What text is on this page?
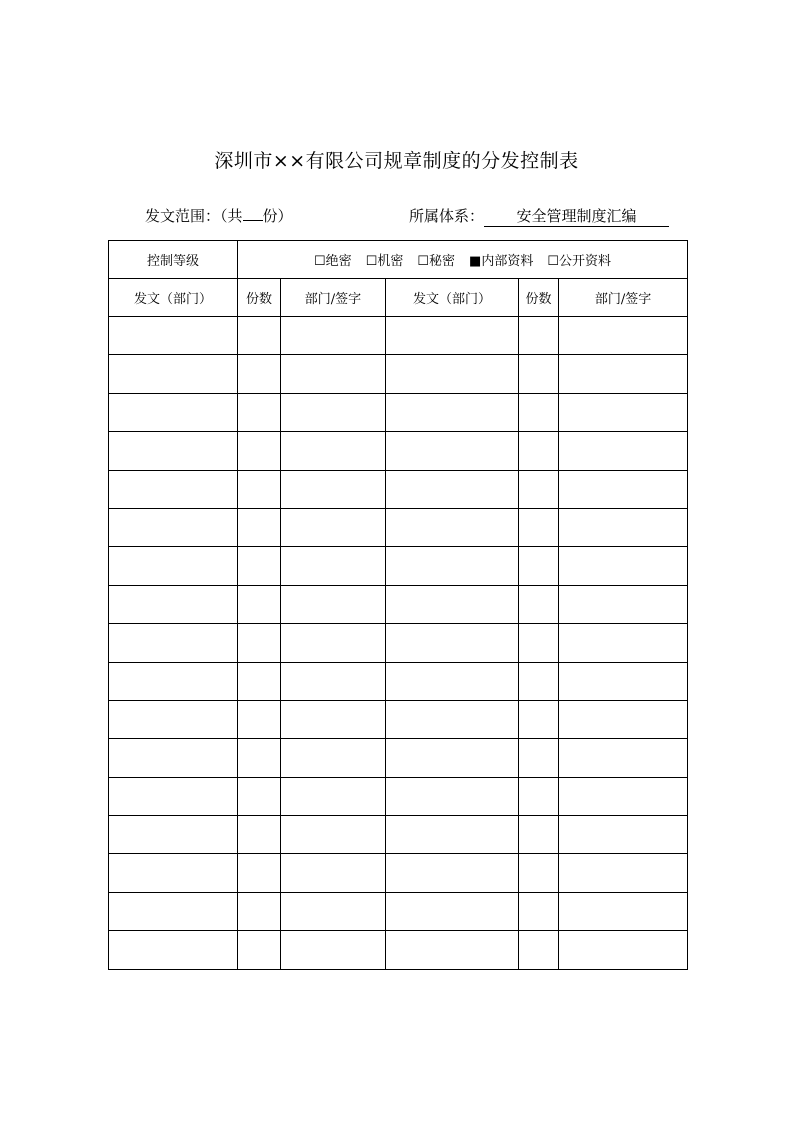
深圳市××有限公司规章制度的分发控制表
发文范围：（共 份）	所属体系： 安全管理制度汇编
控制等级	☐绝密 ☐机密 ☐秘密 ■内部资料 ☐公开资料				
发文（部门）	份数	部门/签字	发文（部门）	份数	部门/签字
